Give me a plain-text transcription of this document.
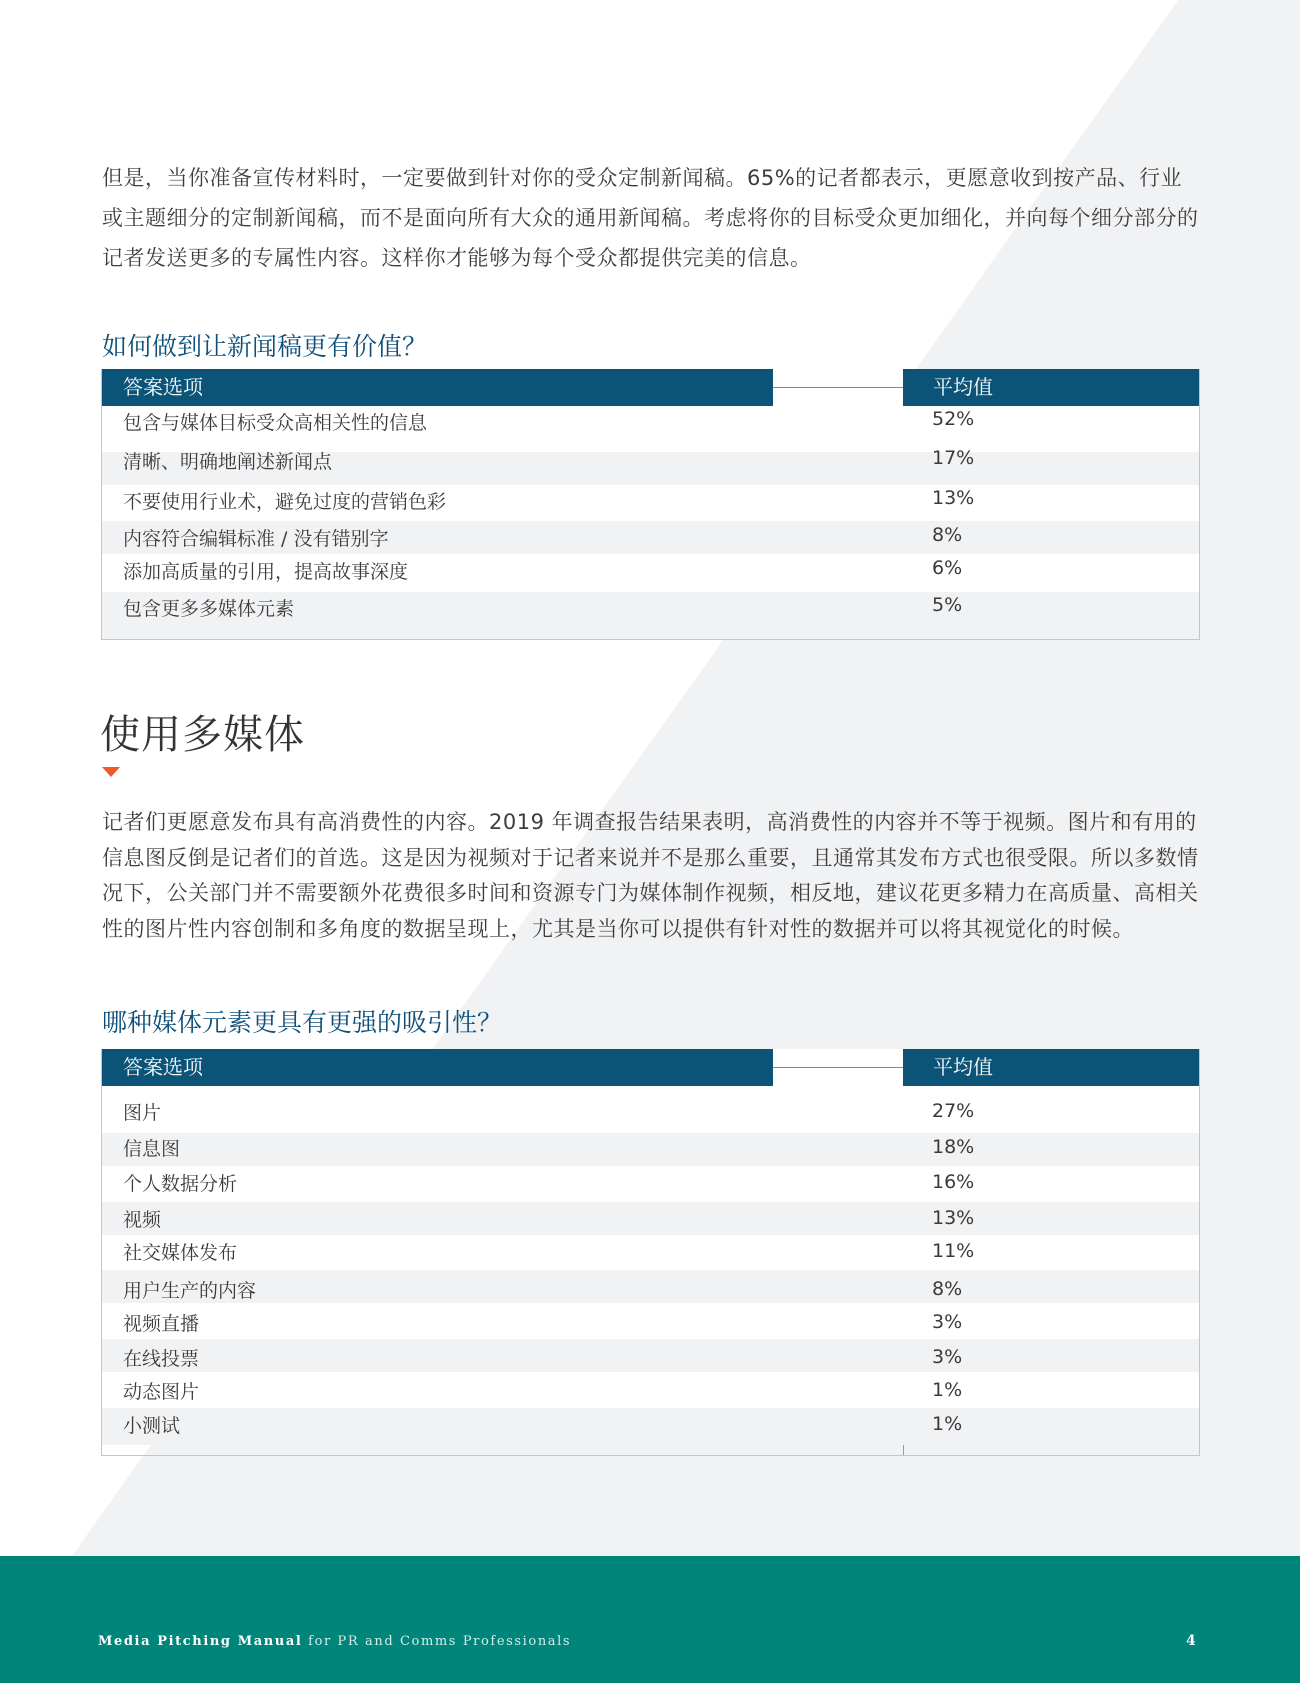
但是，当你准备宣传材料时，一定要做到针对你的受众定制新闻稿。65%的记者都表示，更愿意收到按产品、行业或主题细分的定制新闻稿，而不是面向所有大众的通用新闻稿。考虑将你的目标受众更加细化，并向每个细分部分的记者发送更多的专属性内容。这样你才能够为每个受众都提供完美的信息。

如何做到让新闻稿更有价值？
答案选项	平均值
包含与媒体目标受众高相关性的信息	52%
清晰、明确地阐述新闻点	17%
不要使用行业术，避免过度的营销色彩	13%
内容符合编辑标准 / 没有错别字	8%
添加高质量的引用，提高故事深度	6%
包含更多多媒体元素	5%
使用多媒体

记者们更愿意发布具有高消费性的内容。2019 年调查报告结果表明，高消费性的内容并不等于视频。图片和有用的信息图反倒是记者们的首选。这是因为视频对于记者来说并不是那么重要，且通常其发布方式也很受限。所以多数情况下，公关部门并不需要额外花费很多时间和资源专门为媒体制作视频，相反地，建议花更多精力在高质量、高相关性的图片性内容创制和多角度的数据呈现上，尤其是当你可以提供有针对性的数据并可以将其视觉化的时候。

哪种媒体元素更具有更强的吸引性？
答案选项	平均值
图片	27%
信息图	18%
个人数据分析	16%
视频	13%
社交媒体发布	11%
用户生产的内容	8%
视频直播	3%
在线投票	3%
动态图片	1%
小测试	1%
Media Pitching Manual for PR and Comms Professionals	4
